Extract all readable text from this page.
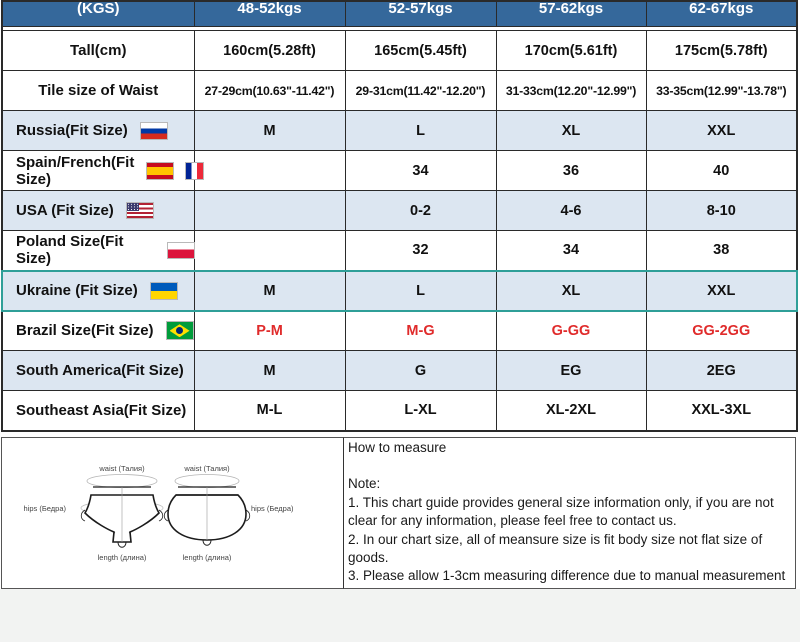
(KGS)	48-52kgs	52-57kgs	57-62kgs	62-67kgs

Tall(cm)	160cm(5.28ft)	165cm(5.45ft)	170cm(5.61ft)	175cm(5.78ft)

Tile size of Waist	27-29cm(10.63"-11.42")	29-31cm(11.42"-12.20")	31-33cm(12.20"-12.99")	33-35cm(12.99"-13.78")

Russia(Fit Size)	M	L	XL	XXL

Spain/French(Fit Size)		34	36	40

USA (Fit Size)		0-2	4-6	8-10

Poland Size(Fit Size)		32	34	38

Ukraine (Fit Size)	M	L	XL	XXL

Brazil Size(Fit Size)	P-M	M-G	G-GG	GG-2GG

South America(Fit Size)	M	G	EG	2EG

Southeast Asia(Fit Size)	M-L	L-XL	XL-2XL	XXL-3XL
waist (Талия)	waist (Талия)
hips (Бедра)	hips (Бедра)
length (длина)	length (длина)
How to measure
Note:
1. This chart guide provides general size information only, if you are not clear for any information, please feel free to contact us.
2. In our chart size, all of meansure size is fit body size not flat size of goods.
3. Please allow 1-3cm measuring difference due to manual measurement
